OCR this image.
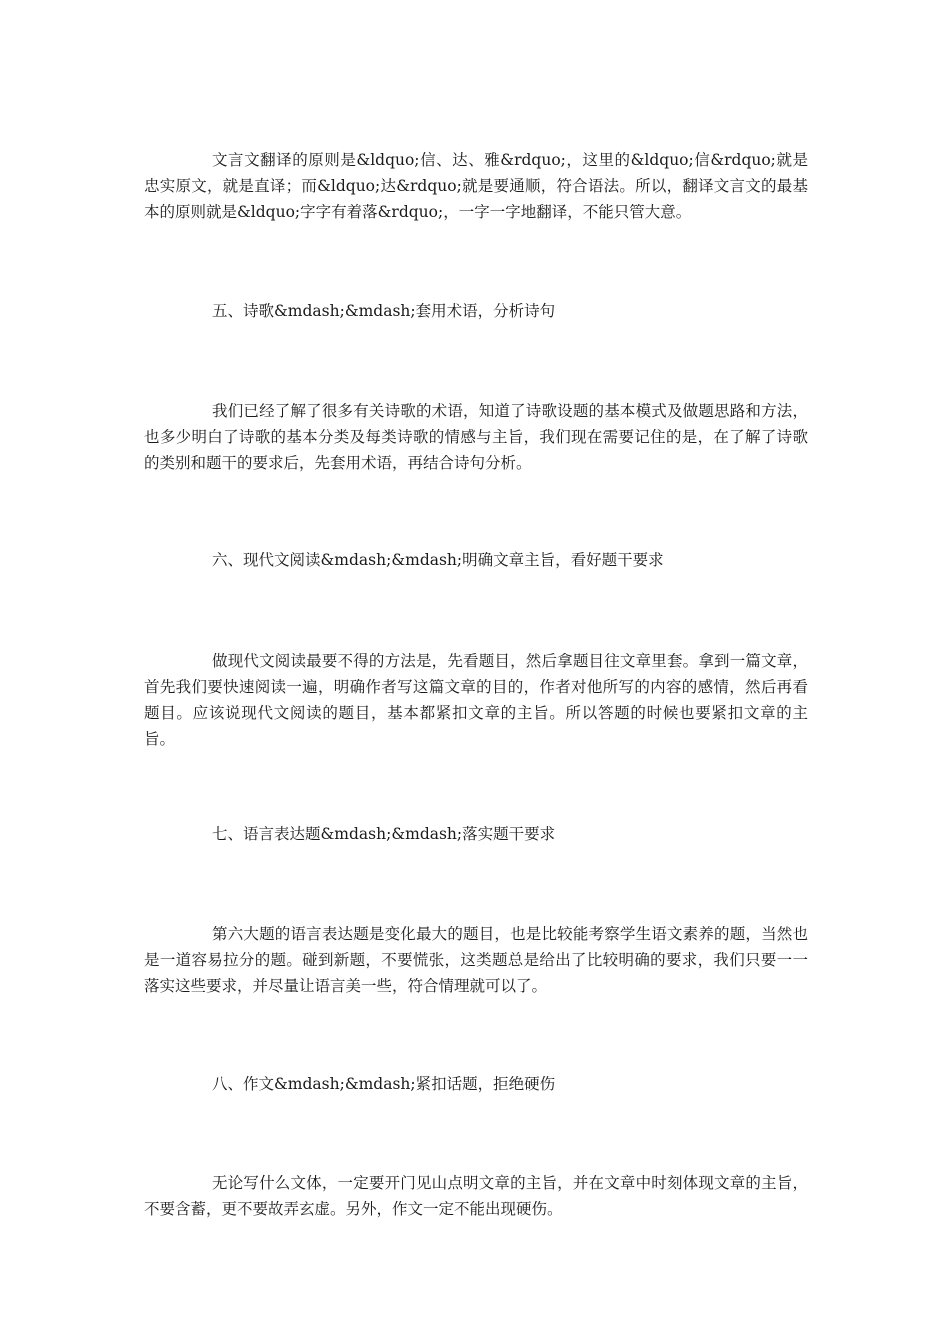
文言文翻译的原则是&ldquo;信、达、雅&rdquo;，这里的&ldquo;信&rdquo;就是忠实原文，就是直译；而&ldquo;达&rdquo;就是要通顺，符合语法。所以，翻译文言文的最基本的原则就是&ldquo;字字有着落&rdquo;，一字一字地翻译，不能只管大意。

五、诗歌&mdash;&mdash;套用术语，分析诗句

我们已经了解了很多有关诗歌的术语，知道了诗歌设题的基本模式及做题思路和方法，也多少明白了诗歌的基本分类及每类诗歌的情感与主旨，我们现在需要记住的是，在了解了诗歌的类别和题干的要求后，先套用术语，再结合诗句分析。

六、现代文阅读&mdash;&mdash;明确文章主旨，看好题干要求

做现代文阅读最要不得的方法是，先看题目，然后拿题目往文章里套。拿到一篇文章，首先我们要快速阅读一遍，明确作者写这篇文章的目的，作者对他所写的内容的感情，然后再看题目。应该说现代文阅读的题目，基本都紧扣文章的主旨。所以答题的时候也要紧扣文章的主旨。

七、语言表达题&mdash;&mdash;落实题干要求

第六大题的语言表达题是变化最大的题目，也是比较能考察学生语文素养的题，当然也是一道容易拉分的题。碰到新题，不要慌张，这类题总是给出了比较明确的要求，我们只要一一落实这些要求，并尽量让语言美一些，符合情理就可以了。

八、作文&mdash;&mdash;紧扣话题，拒绝硬伤

无论写什么文体，一定要开门见山点明文章的主旨，并在文章中时刻体现文章的主旨，不要含蓄，更不要故弄玄虚。另外，作文一定不能出现硬伤。
